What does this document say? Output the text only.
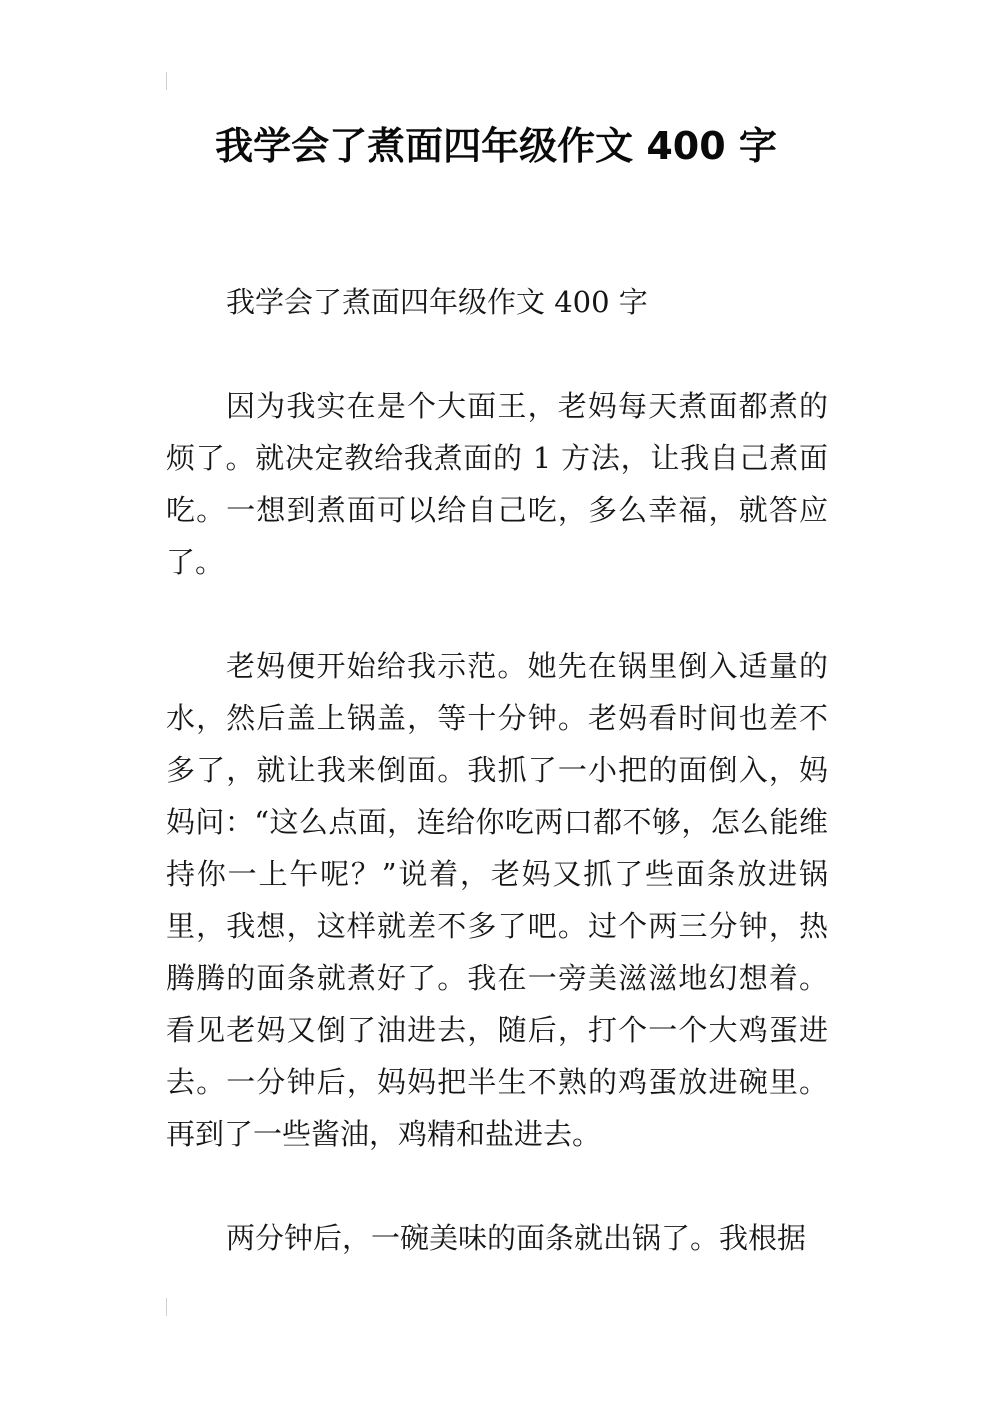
我学会了煮面四年级作文 400 字

我学会了煮面四年级作文 400 字

因为我实在是个大面王，老妈每天煮面都煮的烦了。就决定教给我煮面的 1 方法，让我自己煮面吃。一想到煮面可以给自己吃，多么幸福，就答应了。

老妈便开始给我示范。她先在锅里倒入适量的水，然后盖上锅盖，等十分钟。老妈看时间也差不多了，就让我来倒面。我抓了一小把的面倒入，妈妈问：“这么点面，连给你吃两口都不够，怎么能维持你一上午呢？”说着，老妈又抓了些面条放进锅里，我想，这样就差不多了吧。过个两三分钟，热腾腾的面条就煮好了。我在一旁美滋滋地幻想着。看见老妈又倒了油进去，随后，打个一个大鸡蛋进去。一分钟后，妈妈把半生不熟的鸡蛋放进碗里。再到了一些酱油，鸡精和盐进去。

两分钟后，一碗美味的面条就出锅了。我根据
